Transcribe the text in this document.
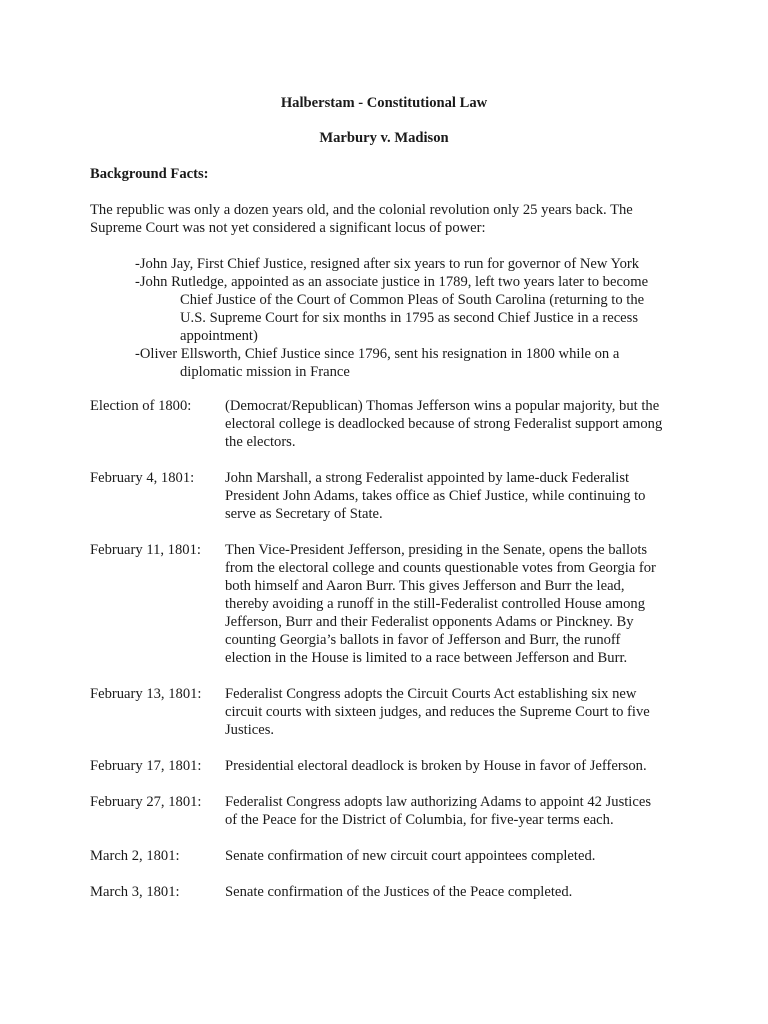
Halberstam - Constitutional Law
Marbury v. Madison
Background Facts:
The republic was only a dozen years old, and the colonial revolution only 25 years back. The
Supreme Court was not yet considered a significant locus of power:
-John Jay, First Chief Justice, resigned after six years to run for governor of New York
-John Rutledge, appointed as an associate justice in 1789, left two years later to become
Chief Justice of the Court of Common Pleas of South Carolina (returning to the
U.S. Supreme Court for six months in 1795 as second Chief Justice in a recess
appointment)
-Oliver Ellsworth, Chief Justice since 1796, sent his resignation in 1800 while on a
diplomatic mission in France
Election of 1800: (Democrat/Republican) Thomas Jefferson wins a popular majority, but the
electoral college is deadlocked because of strong Federalist support among
the electors.
February 4, 1801: John Marshall, a strong Federalist appointed by lame-duck Federalist
President John Adams, takes office as Chief Justice, while continuing to
serve as Secretary of State.
February 11, 1801: Then Vice-President Jefferson, presiding in the Senate, opens the ballots
from the electoral college and counts questionable votes from Georgia for
both himself and Aaron Burr. This gives Jefferson and Burr the lead,
thereby avoiding a runoff in the still-Federalist controlled House among
Jefferson, Burr and their Federalist opponents Adams or Pinckney. By
counting Georgia’s ballots in favor of Jefferson and Burr, the runoff
election in the House is limited to a race between Jefferson and Burr.
February 13, 1801: Federalist Congress adopts the Circuit Courts Act establishing six new
circuit courts with sixteen judges, and reduces the Supreme Court to five
Justices.
February 17, 1801: Presidential electoral deadlock is broken by House in favor of Jefferson.
February 27, 1801: Federalist Congress adopts law authorizing Adams to appoint 42 Justices
of the Peace for the District of Columbia, for five-year terms each.
March 2, 1801:	Senate confirmation of new circuit court appointees completed.
March 3, 1801:	Senate confirmation of the Justices of the Peace completed.
